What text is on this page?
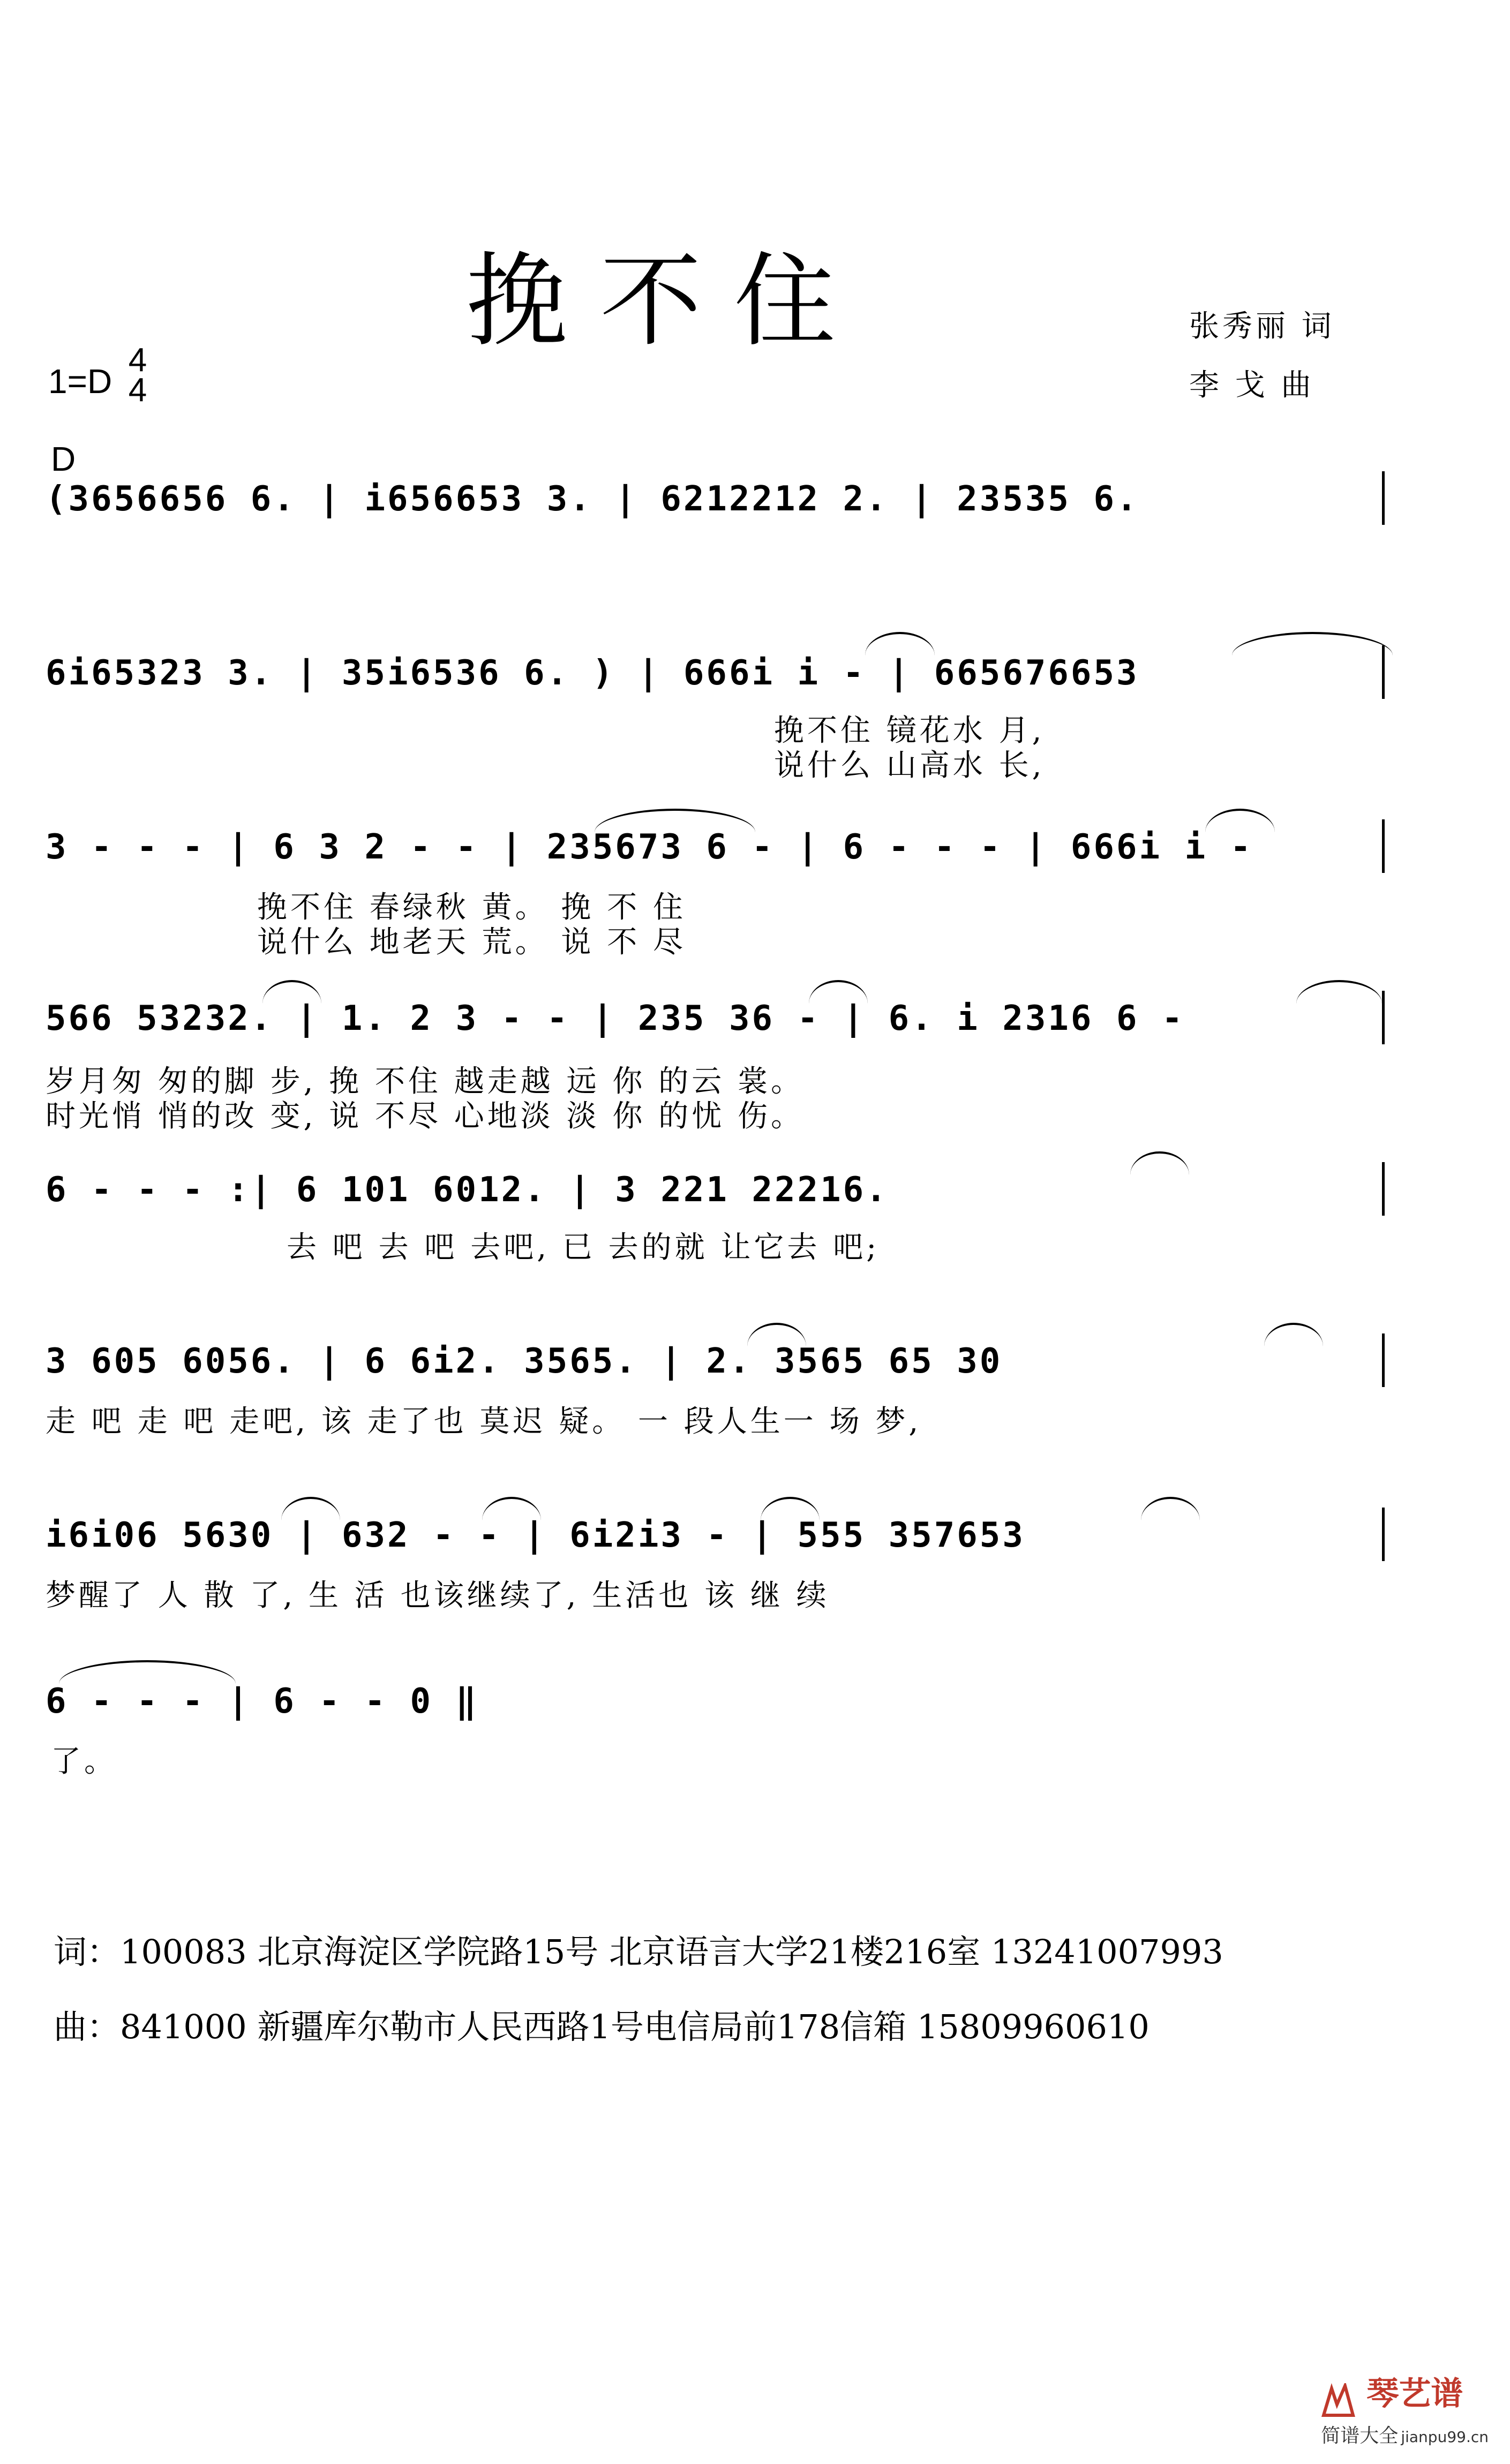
挽不住	张秀丽 词
李 戈 曲
1=D
4
4
D
(3656656 6. | i656653 3. | 6212212 2. | 23535 6.
6i65323 3. | 35i6536 6. ) | 666i i - | 665676653
挽不住 镜花水 月,
说什么 山高水 长,
3 - - - | 6 3 2 - - | 235673 6 - | 6 - - - | 666i i -
挽不住 春绿秋 黄。 挽 不 住
说什么 地老天 荒。 说 不 尽
566 53232. | 1. 2 3 - - | 235 36 - | 6. i 2316 6 -
岁月匆 匆的脚 步, 挽 不住 越走越 远 你 的云 裳。
时光悄 悄的改 变, 说 不尽 心地淡 淡 你 的忧 伤。
6 - - - :| 6 101 6012. | 3 221 22216.
去 吧 去 吧 去吧, 已 去的就 让它去 吧;
3 605 6056. | 6 6i2. 3565. | 2. 3565 65 30
走 吧 走 吧 走吧, 该 走了也 莫迟 疑。 一 段人生一 场 梦,
i6i06 5630 | 632 - - | 6i2i3 - | 555 357653
梦醒了 人 散 了, 生 活 也该继续了, 生活也 该 继 续
6 - - - | 6 - - 0 ‖
了。
词：100083 北京海淀区学院路15号 北京语言大学21楼216室 13241007993
曲：841000 新疆库尔勒市人民西路1号电信局前178信箱 15809960610
琴艺谱
简谱大全 jianpu99.cn
